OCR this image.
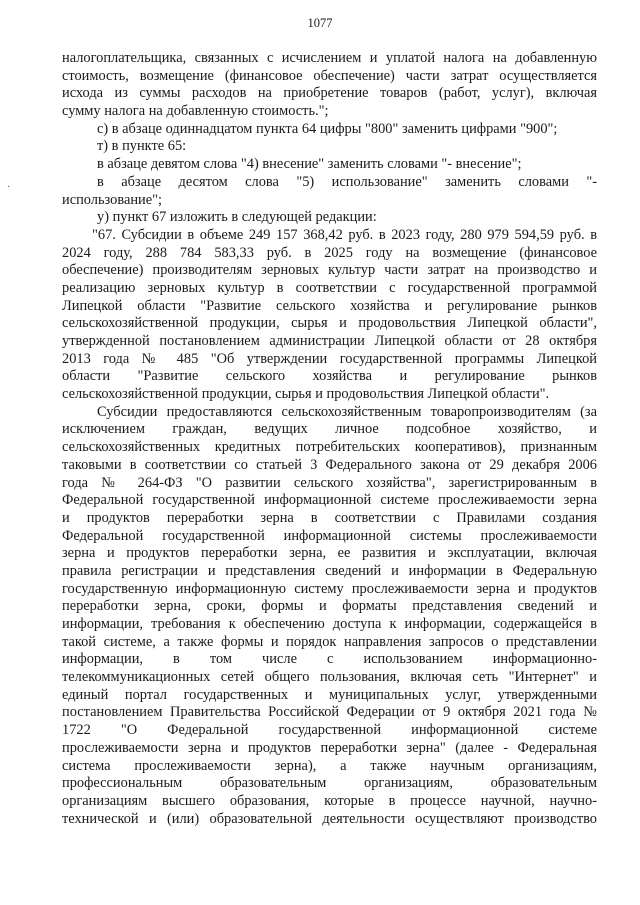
1077
·
налогоплательщика, связанных с исчислением и уплатой налога на добавленную
стоимость, возмещение (финансовое обеспечение) части затрат осуществляется
исхода из суммы расходов на приобретение товаров (работ, услуг), включая
сумму налога на добавленную стоимость.";
с) в абзаце одиннадцатом пункта 64 цифры "800" заменить цифрами "900";
т) в пункте 65:
в абзаце девятом слова "4) внесение" заменить словами "- внесение";
в абзаце десятом слова "5) использование" заменить словами "-
использование";
у) пункт 67 изложить в следующей редакции:
"67. Субсидии в объеме 249 157 368,42 руб. в 2023 году, 280 979 594,59 руб. в
2024 году, 288 784 583,33 руб. в 2025 году на возмещение (финансовое
обеспечение) производителям зерновых культур части затрат на производство и
реализацию зерновых культур в соответствии с государственной программой
Липецкой области "Развитие сельского хозяйства и регулирование рынков
сельскохозяйственной продукции, сырья и продовольствия Липецкой области",
утвержденной постановлением администрации Липецкой области от 28 октября
2013 года № 485 "Об утверждении государственной программы Липецкой
области "Развитие сельского хозяйства и регулирование рынков
сельскохозяйственной продукции, сырья и продовольствия Липецкой области".
Субсидии предоставляются сельскохозяйственным товаропроизводителям (за
исключением граждан, ведущих личное подсобное хозяйство, и
сельскохозяйственных кредитных потребительских кооперативов), признанным
таковыми в соответствии со статьей 3 Федерального закона от 29 декабря 2006
года № 264-ФЗ "О развитии сельского хозяйства", зарегистрированным в
Федеральной государственной информационной системе прослеживаемости зерна
и продуктов переработки зерна в соответствии с Правилами создания
Федеральной государственной информационной системы прослеживаемости
зерна и продуктов переработки зерна, ее развития и эксплуатации, включая
правила регистрации и представления сведений и информации в Федеральную
государственную информационную систему прослеживаемости зерна и продуктов
переработки зерна, сроки, формы и форматы представления сведений и
информации, требования к обеспечению доступа к информации, содержащейся в
такой системе, а также формы и порядок направления запросов о представлении
информации, в том числе с использованием информационно-
телекоммуникационных сетей общего пользования, включая сеть "Интернет" и
единый портал государственных и муниципальных услуг, утвержденными
постановлением Правительства Российской Федерации от 9 октября 2021 года №
1722 "О Федеральной государственной информационной системе
прослеживаемости зерна и продуктов переработки зерна" (далее - Федеральная
система прослеживаемости зерна), а также научным организациям,
профессиональным образовательным организациям, образовательным
организациям высшего образования, которые в процессе научной, научно-
технической и (или) образовательной деятельности осуществляют производство
